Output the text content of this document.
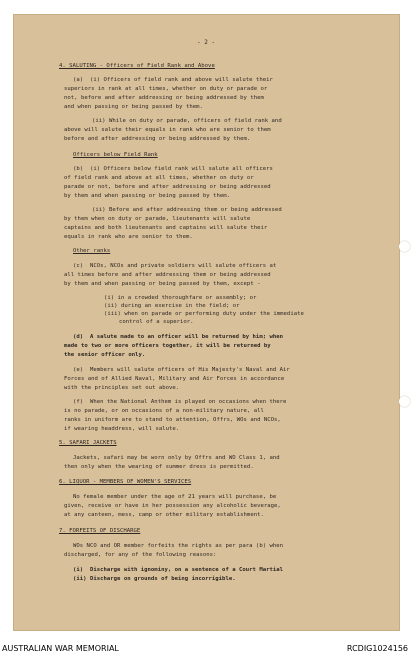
- 2 -
4. SALUTING - Officers of Field Rank and Above
(a)  (i) Officers of field rank and above will salute their
superiors in rank at all times, whether on duty or parade or
not, before and after addressing or being addressed by them
and when passing or being passed by them.
(ii) While on duty or parade, officers of field rank and
above will salute their equals in rank who are senior to them
before and after addressing or being addressed by them.
Officers below Field Rank
(b)  (i) Officers below field rank will salute all officers
of field rank and above at all times, whether on duty or
parade or not, before and after addressing or being addressed
by them and when passing or being passed by them.
(ii) Before and after addressing them or being addressed
by them when on duty or parade, lieutenants will salute
captains and both lieutenants and captains will salute their
equals in rank who are senior to them.
Other ranks
(c)  NCOs, NCOs and private soldiers will salute officers at
all times before and after addressing them or being addressed
by them and when passing or being passed by them, except -
(i) in a crowded thoroughfare or assembly; or
(ii) during an exercise in the field; or
(iii) when on parade or performing duty under the immediate
control of a superior.
(d)  A salute made to an officer will be returned by him; when
made to two or more officers together, it will be returned by
the senior officer only.
(e)  Members will salute officers of His Majesty's Naval and Air
Forces and of Allied Naval, Military and Air Forces in accordance
with the principles set out above.
(f)  When the National Anthem is played on occasions when there
is no parade, or on occasions of a non-military nature, all
ranks in uniform are to stand to attention, Offrs, WOs and NCOs,
if wearing headdress, will salute.
5. SAFARI JACKETS
Jackets, safari may be worn only by Offrs and WO Class 1, and
then only when the wearing of summer dress is permitted.
6. LIQUOR - MEMBERS OF WOMEN'S SERVICES
No female member under the age of 21 years will purchase, be
given, receive or have in her possession any alcoholic beverage,
at any canteen, mess, camp or other military establishment.
7. FORFEITS OF DISCHARGE
WOs NCO and OR member forfeits the rights as per para (b) when
discharged, for any of the following reasons:
(i)  Discharge with ignominy, on a sentence of a Court Martial
(ii) Discharge on grounds of being incorrigible.
AUSTRALIAN WAR MEMORIAL	RCDIG1024156
